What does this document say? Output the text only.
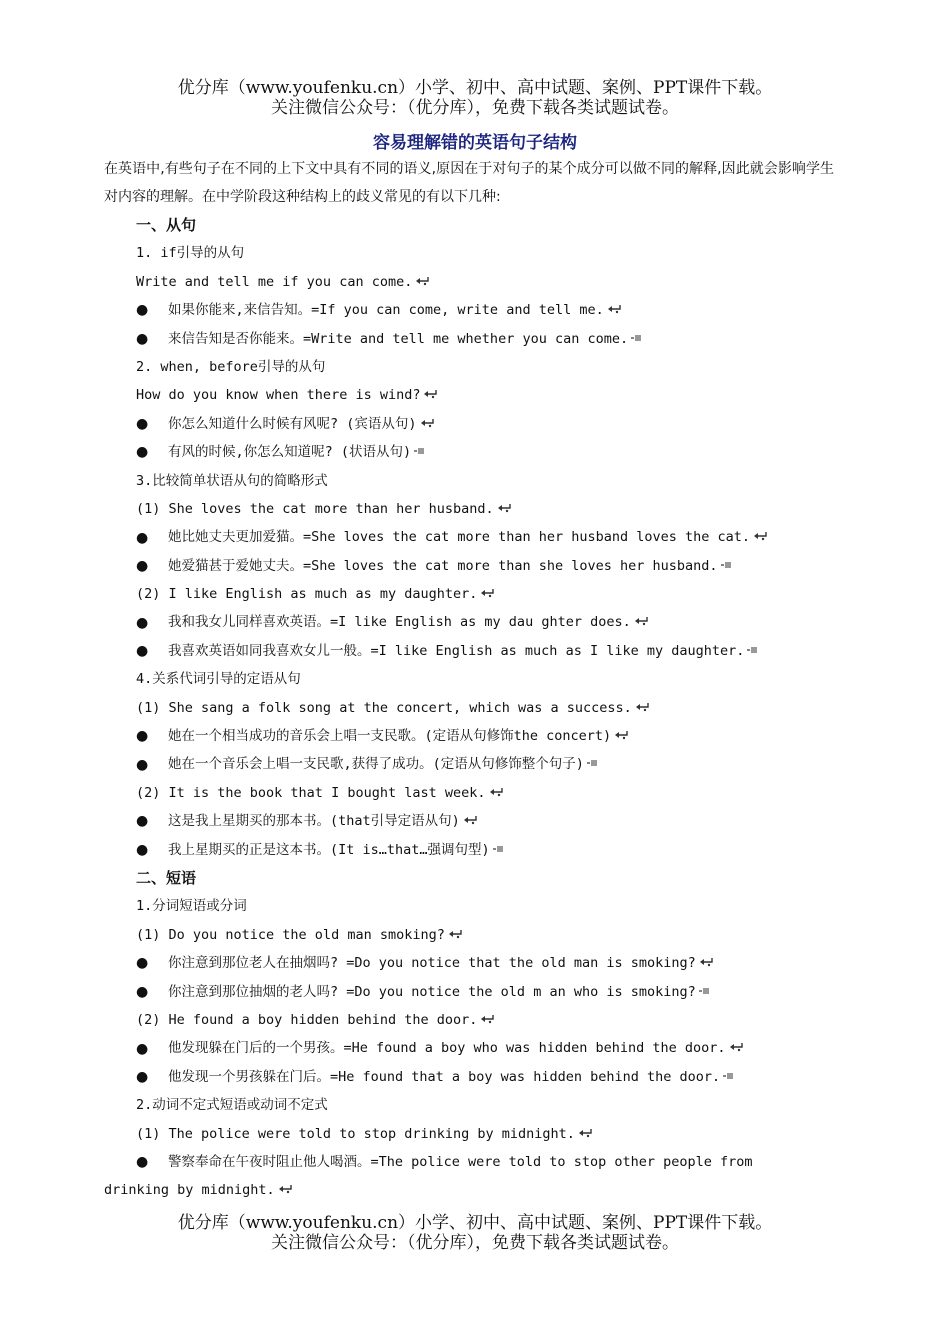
优分库（www.youfenku.cn）小学、初中、高中试题、案例、PPT课件下载。
关注微信公众号：（优分库），免费下载各类试题试卷。
容易理解错的英语句子结构
在英语中,有些句子在不同的上下文中具有不同的语义,原因在于对句子的某个成分可以做不同的解释,因此就会影响学生对内容的理解。在中学阶段这种结构上的歧义常见的有以下几种:
一、从句
1. if引导的从句
Write and tell me if you can come.
● 如果你能来,来信告知。=If you can come, write and tell me.
● 来信告知是否你能来。=Write and tell me whether you can come.
2. when, before引导的从句
How do you know when there is wind?
● 你怎么知道什么时候有风呢? (宾语从句)
● 有风的时候,你怎么知道呢? (状语从句)
3.比较简单状语从句的简略形式
(1) She loves the cat more than her husband.
● 她比她丈夫更加爱猫。=She loves the cat more than her husband loves the cat.
● 她爱猫甚于爱她丈夫。=She loves the cat more than she loves her husband.
(2) I like English as much as my daughter.
● 我和我女儿同样喜欢英语。=I like English as my dau ghter does.
● 我喜欢英语如同我喜欢女儿一般。=I like English as much as I like my daughter.
4.关系代词引导的定语从句
(1) She sang a folk song at the concert, which was a success.
● 她在一个相当成功的音乐会上唱一支民歌。(定语从句修饰the concert)
● 她在一个音乐会上唱一支民歌,获得了成功。(定语从句修饰整个句子)
(2) It is the book that I bought last week.
● 这是我上星期买的那本书。(that引导定语从句)
● 我上星期买的正是这本书。(It is…that…强调句型)
二、短语
1.分词短语或分词
(1) Do you notice the old man smoking?
● 你注意到那位老人在抽烟吗? =Do you notice that the old man is smoking?
● 你注意到那位抽烟的老人吗? =Do you notice the old m an who is smoking?
(2) He found a boy hidden behind the door.
● 他发现躲在门后的一个男孩。=He found a boy who was hidden behind the door.
● 他发现一个男孩躲在门后。=He found that a boy was hidden behind the door.
2.动词不定式短语或动词不定式
(1) The police were told to stop drinking by midnight.
● 警察奉命在午夜时阻止他人喝酒。=The police were told to stop other people from
drinking by midnight.
优分库（www.youfenku.cn）小学、初中、高中试题、案例、PPT课件下载。
关注微信公众号：（优分库），免费下载各类试题试卷。
